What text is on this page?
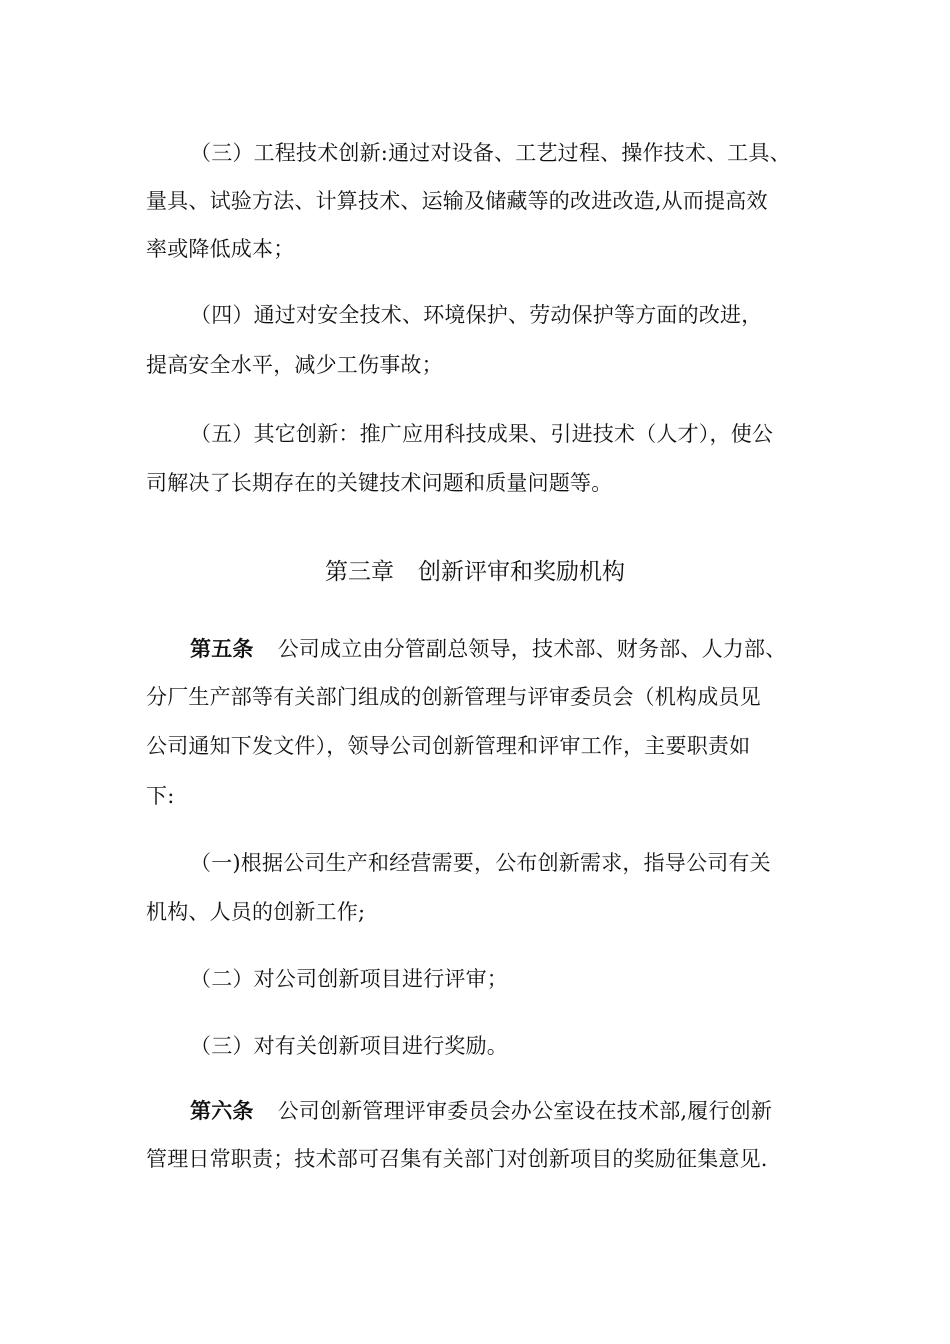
（三）工程技术创新:通过对设备、工艺过程、操作技术、工具、
量具、试验方法、计算技术、运输及储藏等的改进改造,从而提高效
率或降低成本；
（四）通过对安全技术、环境保护、劳动保护等方面的改进，
提高安全水平，减少工伤事故；
（五）其它创新：推广应用科技成果、引进技术（人才），使公
司解决了长期存在的关键技术问题和质量问题等。
第三章 创新评审和奖励机构
第五条 公司成立由分管副总领导，技术部、财务部、人力部、
分厂生产部等有关部门组成的创新管理与评审委员会（机构成员见
公司通知下发文件），领导公司创新管理和评审工作，主要职责如
下:
（一)根据公司生产和经营需要，公布创新需求，指导公司有关
机构、人员的创新工作;
（二）对公司创新项目进行评审；
（三）对有关创新项目进行奖励。
第六条 公司创新管理评审委员会办公室设在技术部,履行创新
管理日常职责；技术部可召集有关部门对创新项目的奖励征集意见.
